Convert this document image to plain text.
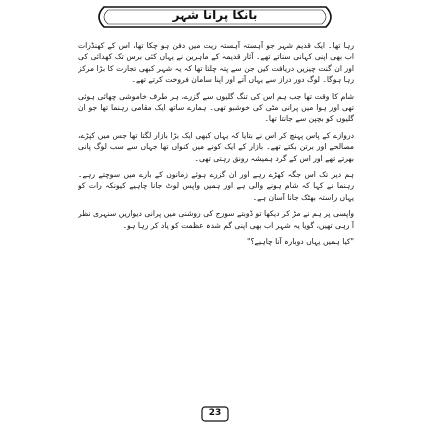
بانکا پرانا شہر

رہا تھا۔ ایک قدیم شہر جو آہستہ آہستہ ریت میں دفن ہو چکا تھا، اس کے کھنڈرات اب بھی اپنی کہانی سناتے تھے۔ آثار قدیمہ کے ماہرین نے یہاں کئی برس تک کھدائی کی اور ان گنت چیزیں دریافت کیں جن سے پتہ چلتا تھا کہ یہ شہر کبھی تجارت کا بڑا مرکز رہا ہوگا۔ لوگ دور دراز سے یہاں آتے اور اپنا سامان فروخت کرتے تھے۔

شام کا وقت تھا جب ہم اس کی تنگ گلیوں سے گزرے، ہر طرف خاموشی چھائی ہوئی تھی اور ہوا میں پرانی مٹی کی خوشبو تھی۔ ہمارے ساتھ ایک مقامی رہنما تھا جو ان گلیوں کو بچپن سے جانتا تھا۔

دروازے کے پاس پہنچ کر اس نے بتایا کہ یہاں کبھی ایک بڑا بازار لگتا تھا جس میں کپڑے، مصالحے اور برتن بکتے تھے۔ بازار کے ایک کونے میں کنواں تھا جہاں سے سب لوگ پانی بھرتے تھے اور اس کے گرد ہمیشہ رونق رہتی تھی۔

ہم دیر تک اس جگہ کھڑے رہے اور ان گزرے ہوئے زمانوں کے بارے میں سوچتے رہے۔ رہنما نے کہا کہ شام ہونے والی ہے اور ہمیں واپس لوٹ جانا چاہیے کیونکہ رات کو یہاں راستہ بھٹک جانا آسان ہے۔

واپسی پر ہم نے مڑ کر دیکھا تو ڈوبتے سورج کی روشنی میں پرانی دیواریں سنہری نظر آ رہی تھیں، گویا یہ شہر اب بھی اپنی گم شدہ عظمت کو یاد کر رہا ہو۔

"کیا ہمیں یہاں دوبارہ آنا چاہیے؟"

23
